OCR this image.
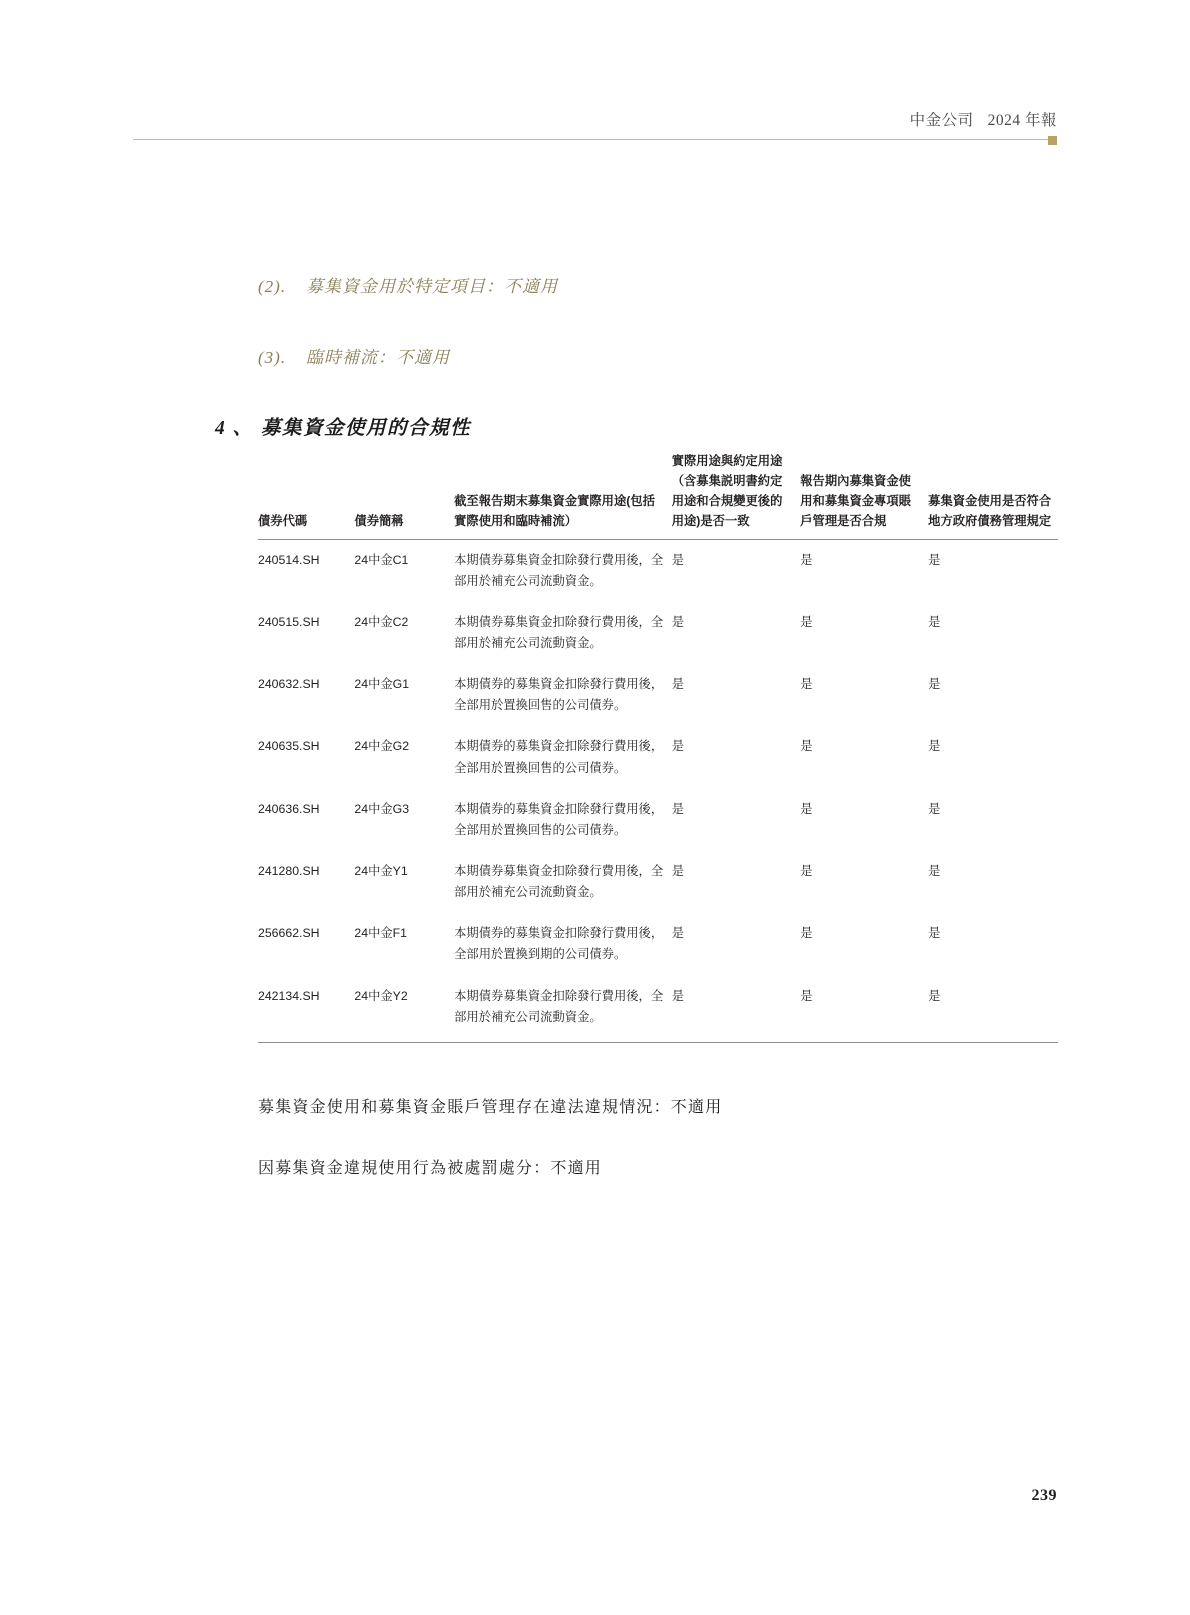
中金公司 2024 年報
(2). 募集資金用於特定項目：不適用
(3). 臨時補流：不適用
4 、 募集資金使用的合規性
債券代碼	債券簡稱	截至報告期末募集資金實際用途(包括實際使用和臨時補流）	實際用途與約定用途（含募集説明書約定用途和合規變更後的用途)是否一致	報告期內募集資金使用和募集資金專項賬戶管理是否合規	募集資金使用是否符合地方政府債務管理規定
240514.SH	24中金C1	本期債券募集資金扣除發行費用後，全部用於補充公司流動資金。	是	是	是
240515.SH	24中金C2	本期債券募集資金扣除發行費用後，全部用於補充公司流動資金。	是	是	是
240632.SH	24中金G1	本期債券的募集資金扣除發行費用後，全部用於置換回售的公司債券。	是	是	是
240635.SH	24中金G2	本期債券的募集資金扣除發行費用後，全部用於置換回售的公司債券。	是	是	是
240636.SH	24中金G3	本期債券的募集資金扣除發行費用後，全部用於置換回售的公司債券。	是	是	是
241280.SH	24中金Y1	本期債券募集資金扣除發行費用後，全部用於補充公司流動資金。	是	是	是
256662.SH	24中金F1	本期債券的募集資金扣除發行費用後，全部用於置換到期的公司債券。	是	是	是
242134.SH	24中金Y2	本期債券募集資金扣除發行費用後，全部用於補充公司流動資金。	是	是	是
募集資金使用和募集資金賬戶管理存在違法違規情況：不適用
因募集資金違規使用行為被處罰處分：不適用
239
